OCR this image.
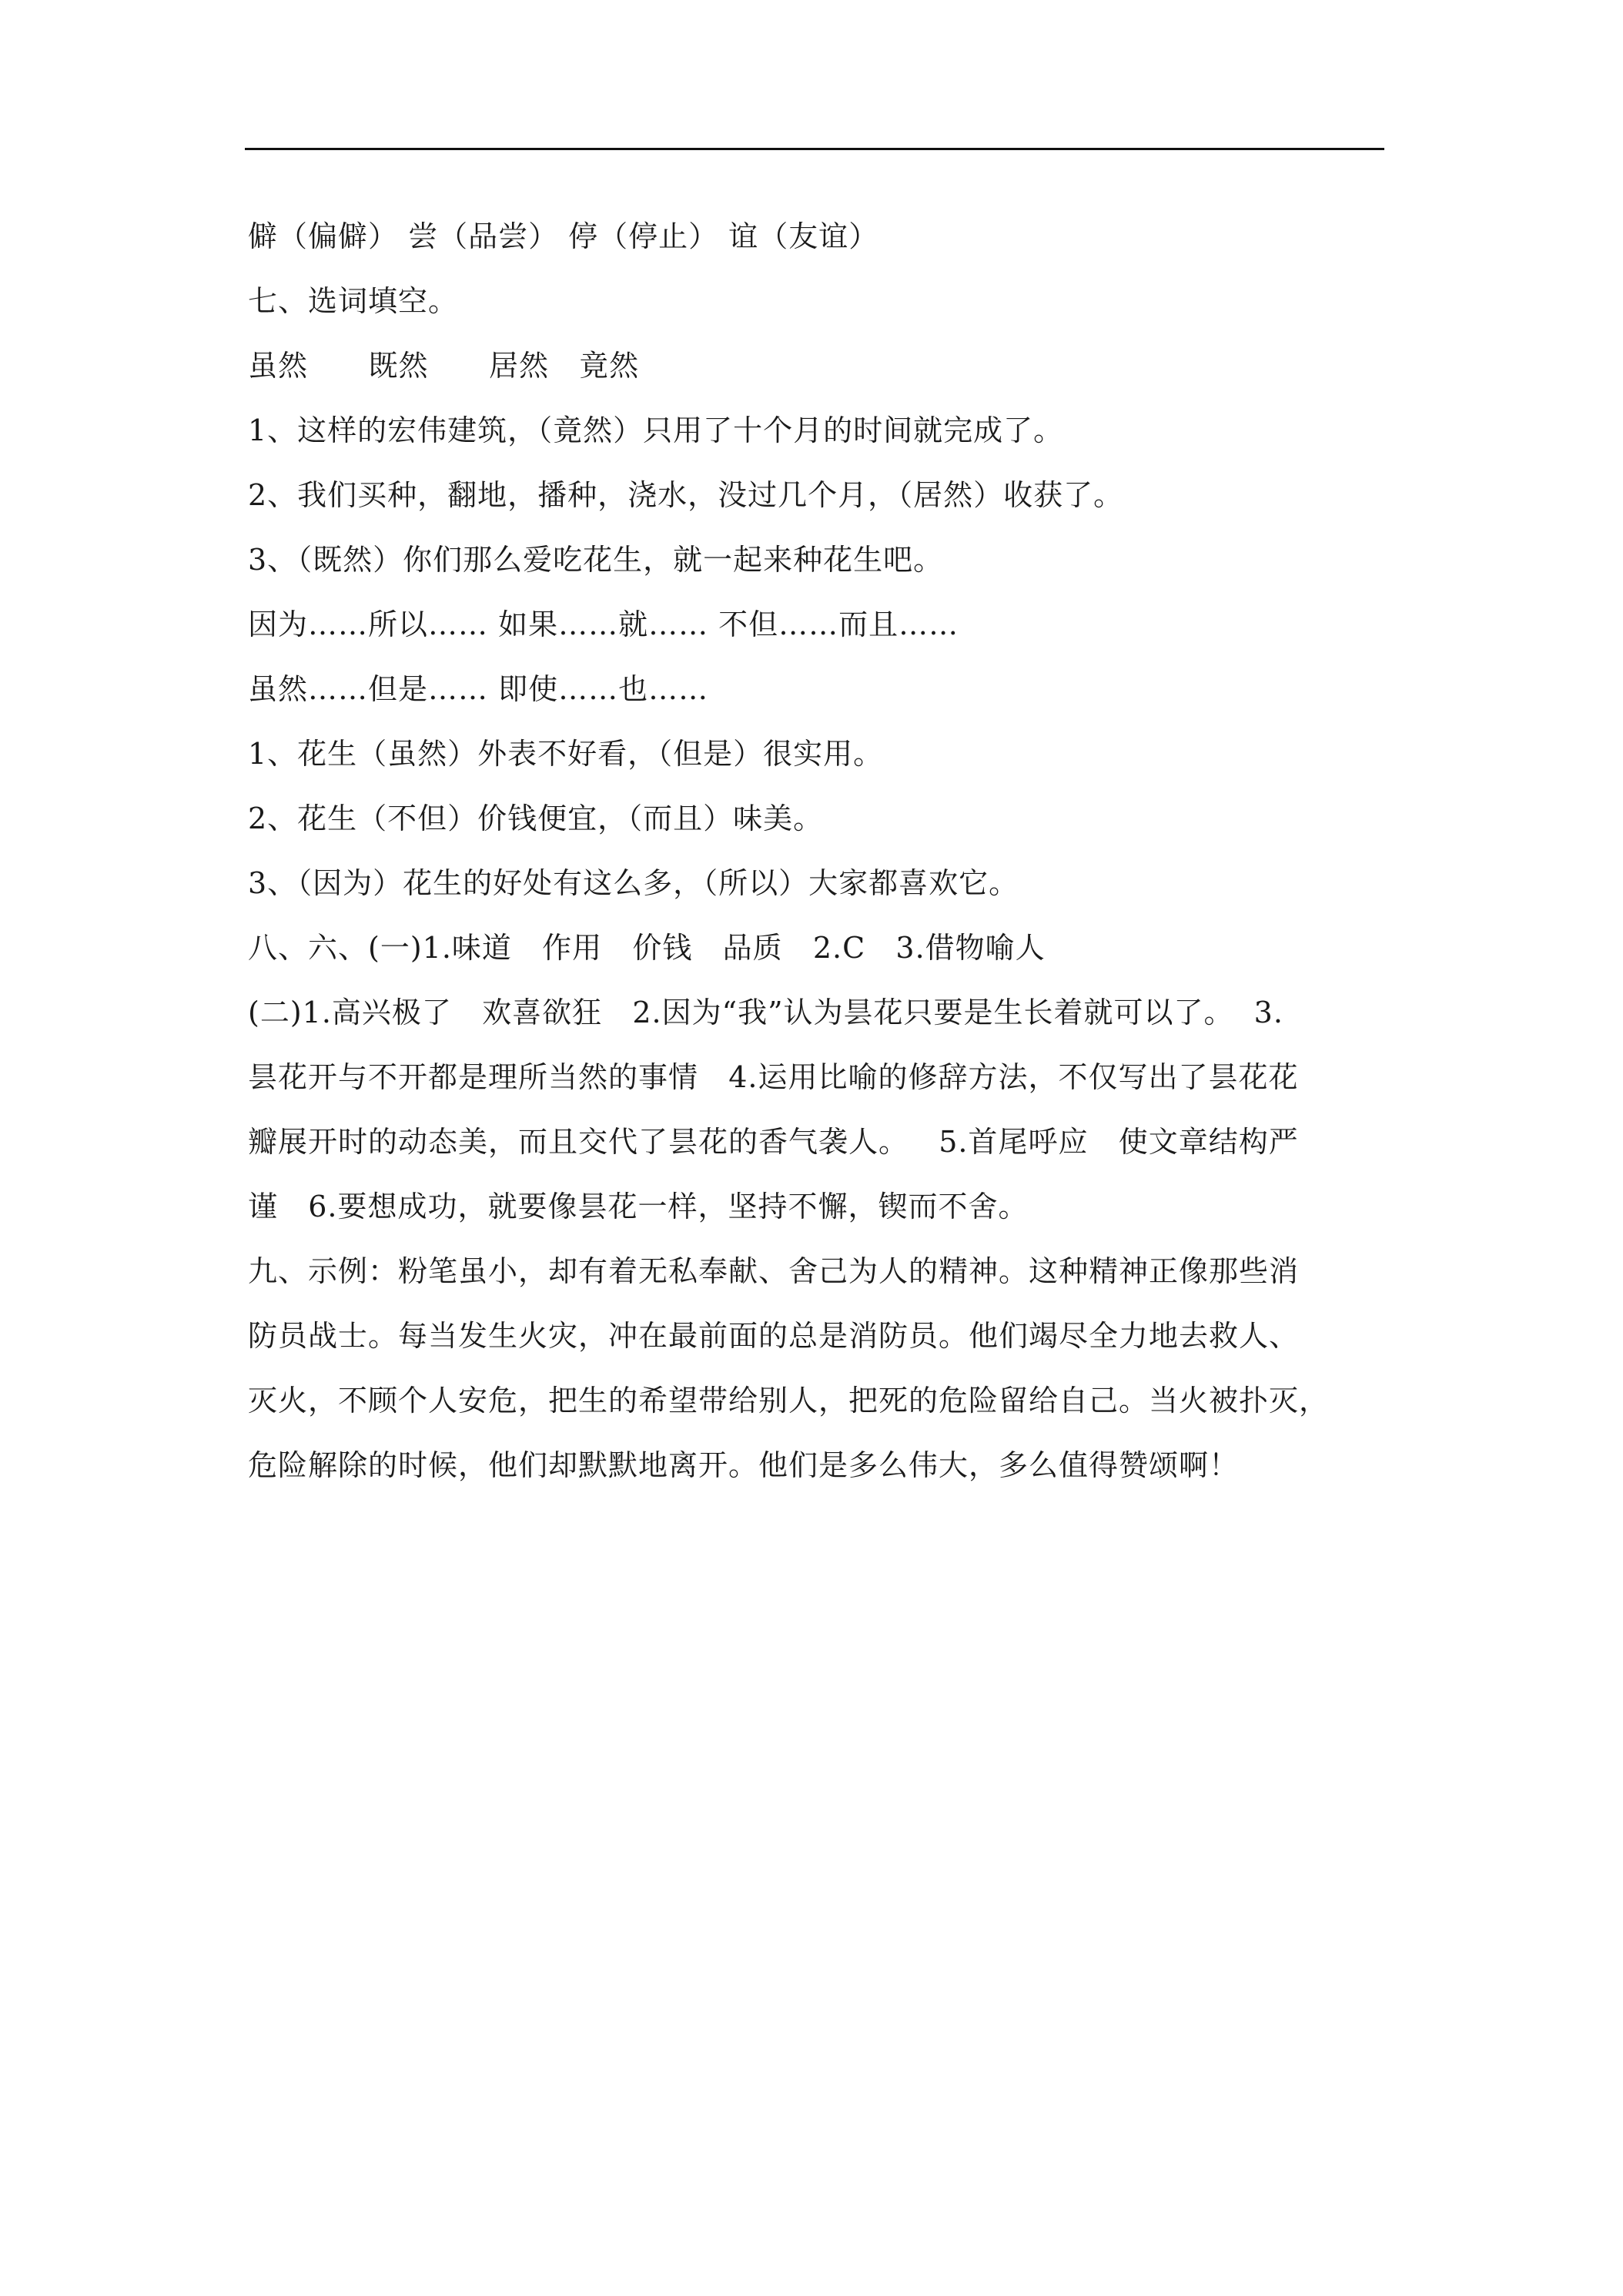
僻（偏僻） 尝（品尝） 停（停止） 谊（友谊）
七、选词填空。
虽然      既然      居然   竟然
1、这样的宏伟建筑，（竟然）只用了十个月的时间就完成了。
2、我们买种，翻地，播种，浇水，没过几个月，（居然）收获了。
3、（既然）你们那么爱吃花生，就一起来种花生吧。
因为……所以…… 如果……就…… 不但……而且……
虽然……但是…… 即使……也……
1、花生（虽然）外表不好看，（但是）很实用。
2、花生（不但）价钱便宜，（而且）味美。
3、（因为）花生的好处有这么多，（所以）大家都喜欢它。
八、六、(一)1.味道   作用   价钱   品质   2.C   3.借物喻人
(二)1.高兴极了   欢喜欲狂   2.因为“我”认为昙花只要是生长着就可以了。  3.
昙花开与不开都是理所当然的事情   4.运用比喻的修辞方法，不仅写出了昙花花
瓣展开时的动态美，而且交代了昙花的香气袭人。   5.首尾呼应   使文章结构严
谨   6.要想成功，就要像昙花一样，坚持不懈，锲而不舍。
九、示例：粉笔虽小，却有着无私奉献、舍己为人的精神。这种精神正像那些消
防员战士。每当发生火灾，冲在最前面的总是消防员。他们竭尽全力地去救人、
灭火，不顾个人安危，把生的希望带给别人，把死的危险留给自己。当火被扑灭，
危险解除的时候，他们却默默地离开。他们是多么伟大，多么值得赞颂啊！
